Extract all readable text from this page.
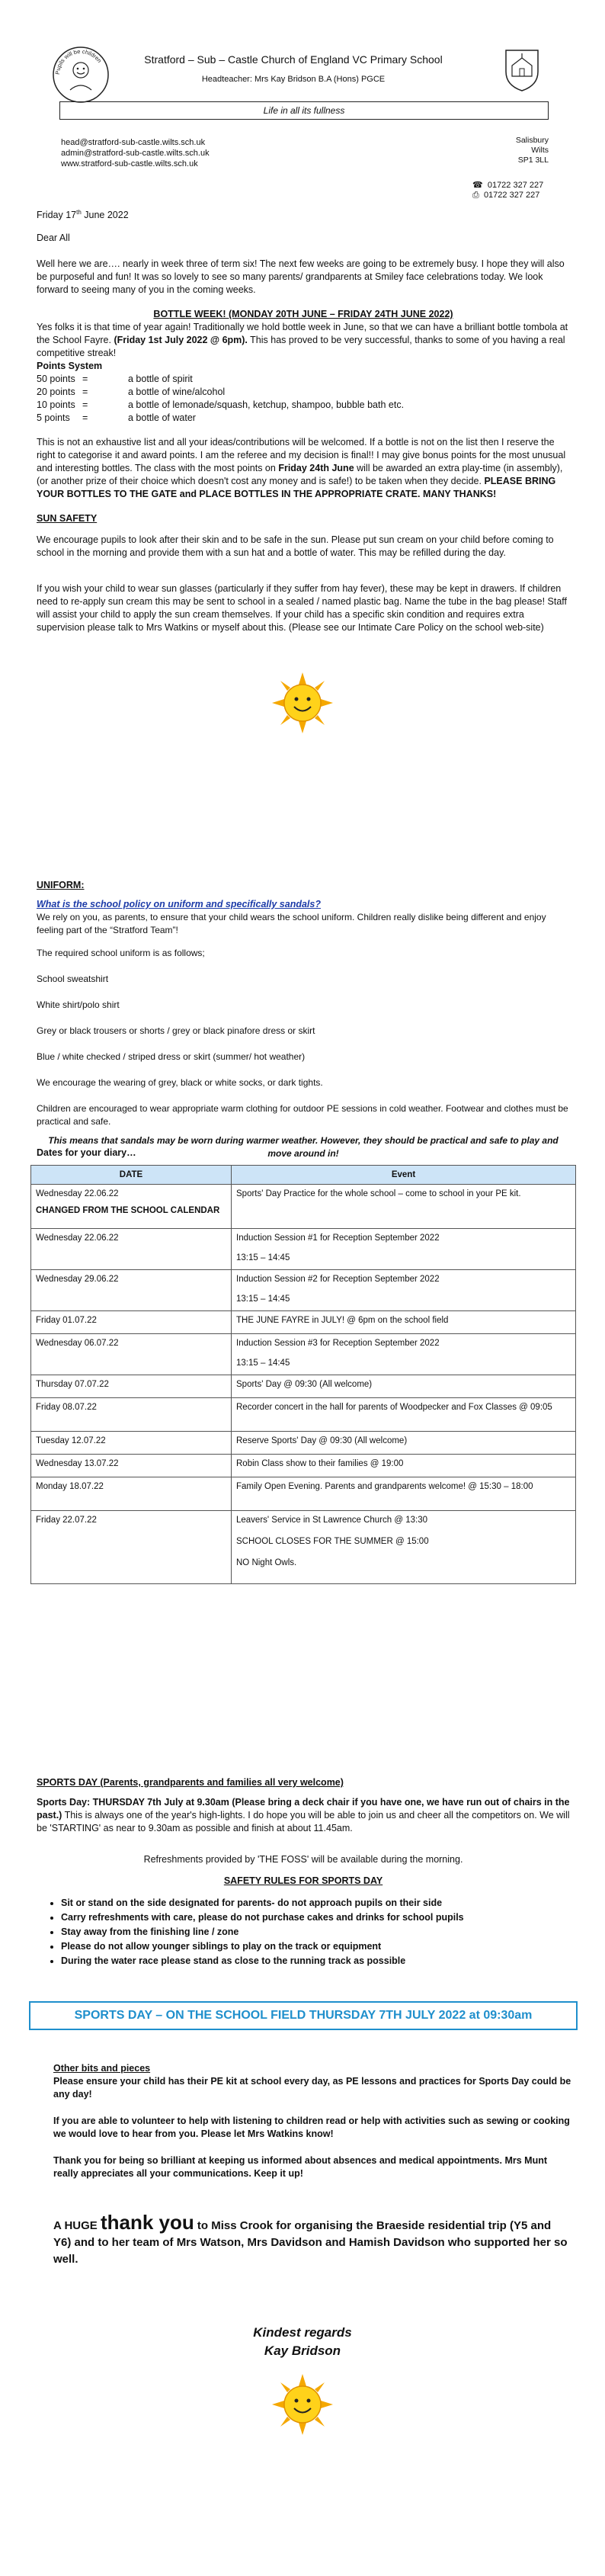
Pupils will be children	Stratford – Sub – Castle Church of England VC Primary School
Headteacher: Mrs Kay Bridson B.A (Hons) PGCE
Life in all its fullness
head@stratford-sub-castle.wilts.sch.uk
admin@stratford-sub-castle.wilts.sch.uk
www.stratford-sub-castle.wilts.sch.uk
Salisbury
Wilts
SP1 3LL
☎ 01722 327 227
⎙ 01722 327 227
Friday 17th June 2022
Dear All
Well here we are…. nearly in week three of term six! The next few weeks are going to be extremely busy. I hope they will also be purposeful and fun! It was so lovely to see so many parents/ grandparents at Smiley face celebrations today. We look forward to seeing many of you in the coming weeks.
BOTTLE WEEK! (MONDAY 20TH JUNE – FRIDAY 24TH JUNE 2022)
Yes folks it is that time of year again! Traditionally we hold bottle week in June, so that we can have a brilliant bottle tombola at the School Fayre. (Friday 1st July 2022 @ 6pm). This has proved to be very successful, thanks to some of you having a real competitive streak!
Points System
50 points =	a bottle of spirit
20 points =	a bottle of wine/alcohol
10 points =	a bottle of lemonade/squash, ketchup, shampoo, bubble bath etc.
5 points	=	a bottle of water
This is not an exhaustive list and all your ideas/contributions will be welcomed. If a bottle is not on the list then I reserve the right to categorise it and award points. I am the referee and my decision is final!! I may give bonus points for the most unusual and interesting bottles. The class with the most points on Friday 24th June will be awarded an extra play-time (in assembly), (or another prize of their choice which doesn't cost any money and is safe!) to be taken when they decide. PLEASE BRING YOUR BOTTLES TO THE GATE and PLACE BOTTLES IN THE APPROPRIATE CRATE. MANY THANKS!
SUN SAFETY
We encourage pupils to look after their skin and to be safe in the sun. Please put sun cream on your child before coming to school in the morning and provide them with a sun hat and a bottle of water. This may be refilled during the day.
If you wish your child to wear sun glasses (particularly if they suffer from hay fever), these may be kept in drawers. If children need to re-apply sun cream this may be sent to school in a sealed / named plastic bag. Name the tube in the bag please! Staff will assist your child to apply the sun cream themselves. If your child has a specific skin condition and requires extra supervision please talk to Mrs Watkins or myself about this. (Please see our Intimate Care Policy on the school web-site)
UNIFORM:
What is the school policy on uniform and specifically sandals?
We rely on you, as parents, to ensure that your child wears the school uniform. Children really dislike being different and enjoy feeling part of the “Stratford Team”!
The required school uniform is as follows;
School sweatshirt
White shirt/polo shirt
Grey or black trousers or shorts / grey or black pinafore dress or skirt
Blue / white checked / striped dress or skirt (summer/ hot weather)
We encourage the wearing of grey, black or white socks, or dark tights.
Children are encouraged to wear appropriate warm clothing for outdoor PE sessions in cold weather. Footwear and clothes must be practical and safe.
This means that sandals may be worn during warmer weather. However, they should be practical and safe to play and move around in!
Dates for your diary…
DATE	Event

Wednesday 22.06.22
CHANGED FROM THE SCHOOL CALENDAR	Sports' Day Practice for the whole school – come to school in your PE kit.

Wednesday 22.06.22	Induction Session #1 for Reception September 2022
13:15 – 14:45

Wednesday 29.06.22	Induction Session #2 for Reception September 2022
13:15 – 14:45

Friday 01.07.22	THE JUNE FAYRE in JULY! @ 6pm on the school field

Wednesday 06.07.22	Induction Session #3 for Reception September 2022
13:15 – 14:45

Thursday 07.07.22	Sports' Day @ 09:30 (All welcome)

Friday 08.07.22	Recorder concert in the hall for parents of Woodpecker and Fox Classes @ 09:05

Tuesday 12.07.22	Reserve Sports' Day @ 09:30 (All welcome)

Wednesday 13.07.22	Robin Class show to their families @ 19:00

Monday 18.07.22	Family Open Evening. Parents and grandparents welcome! @ 15:30 – 18:00

Friday 22.07.22	Leavers' Service in St Lawrence Church @ 13:30
SCHOOL CLOSES FOR THE SUMMER @ 15:00
NO Night Owls.
SPORTS DAY (Parents, grandparents and families all very welcome)
Sports Day: THURSDAY 7th July at 9.30am (Please bring a deck chair if you have one, we have run out of chairs in the past.) This is always one of the year's high-lights. I do hope you will be able to join us and cheer all the competitors on. We will be 'STARTING' as near to 9.30am as possible and finish at about 11.45am.
Refreshments provided by 'THE FOSS' will be available during the morning.
SAFETY RULES FOR SPORTS DAY
• Sit or stand on the side designated for parents- do not approach pupils on their side
• Carry refreshments with care, please do not purchase cakes and drinks for school pupils
• Stay away from the finishing line / zone
• Please do not allow younger siblings to play on the track or equipment
• During the water race please stand as close to the running track as possible
SPORTS DAY – ON THE SCHOOL FIELD THURSDAY 7TH JULY 2022 at 09:30am
Other bits and pieces
Please ensure your child has their PE kit at school every day, as PE lessons and practices for Sports Day could be any day!
If you are able to volunteer to help with listening to children read or help with activities such as sewing or cooking we would love to hear from you. Please let Mrs Watkins know!
Thank you for being so brilliant at keeping us informed about absences and medical appointments. Mrs Munt really appreciates all your communications. Keep it up!
A HUGE thank you to Miss Crook for organising the Braeside residential trip (Y5 and Y6) and to her team of Mrs Watson, Mrs Davidson and Hamish Davidson who supported her so well.
Kindest regards
Kay Bridson
